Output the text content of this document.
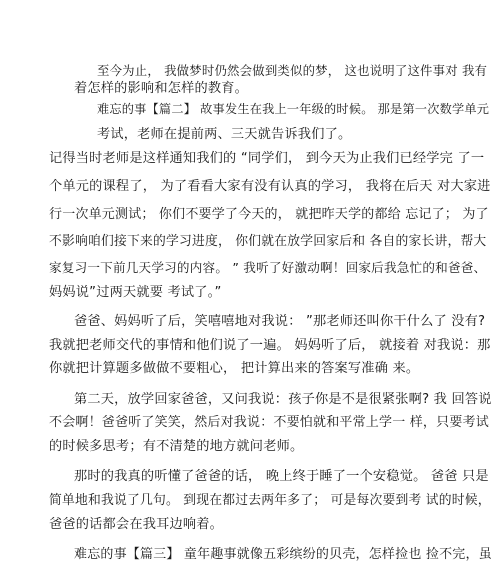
至今为止， 我做梦时仍然会做到类似的梦， 这也说明了这件事对 我有
着怎样的影响和怎样的教育。
难忘的事【篇二】 故事发生在我上一年级的时候。 那是第一次数学单元
考试，老师在提前两、三天就告诉我们了。
记得当时老师是这样通知我们的 “同学们， 到今天为止我们已经学完 了一
个单元的课程了， 为了看看大家有没有认真的学习， 我将在后天 对大家进
行一次单元测试； 你们不要学了今天的， 就把昨天学的都给 忘记了； 为了
不影响咱们接下来的学习进度， 你们就在放学回家后和 各自的家长讲，帮大
家复习一下前几天学习的内容。 ” 我听了好激动啊！回家后我急忙的和爸爸、
妈妈说”过两天就要 考试了。”
爸爸、妈妈听了后，笑嘻嘻地对我说： ”那老师还叫你干什么了 没有?
我就把老师交代的事情和他们说了一遍。 妈妈听了后， 就接着 对我说：那
你就把计算题多做做不要粗心， 把计算出来的答案写准确 来。
第二天，放学回家爸爸，又问我说：孩子你是不是很紧张啊? 我 回答说
不会啊！爸爸听了笑笑，然后对我说：不要怕就和平常上学一 样，只要考试
的时候多思考；有不清楚的地方就问老师。
那时的我真的听懂了爸爸的话， 晚上终于睡了一个安稳觉。 爸爸 只是
简单地和我说了几句。 到现在都过去两年多了； 可是每次要到考 试的时候，
爸爸的话都会在我耳边响着。
难忘的事【篇三】 童年趣事就像五彩缤纷的贝壳，怎样捡也 捡不完，虽
